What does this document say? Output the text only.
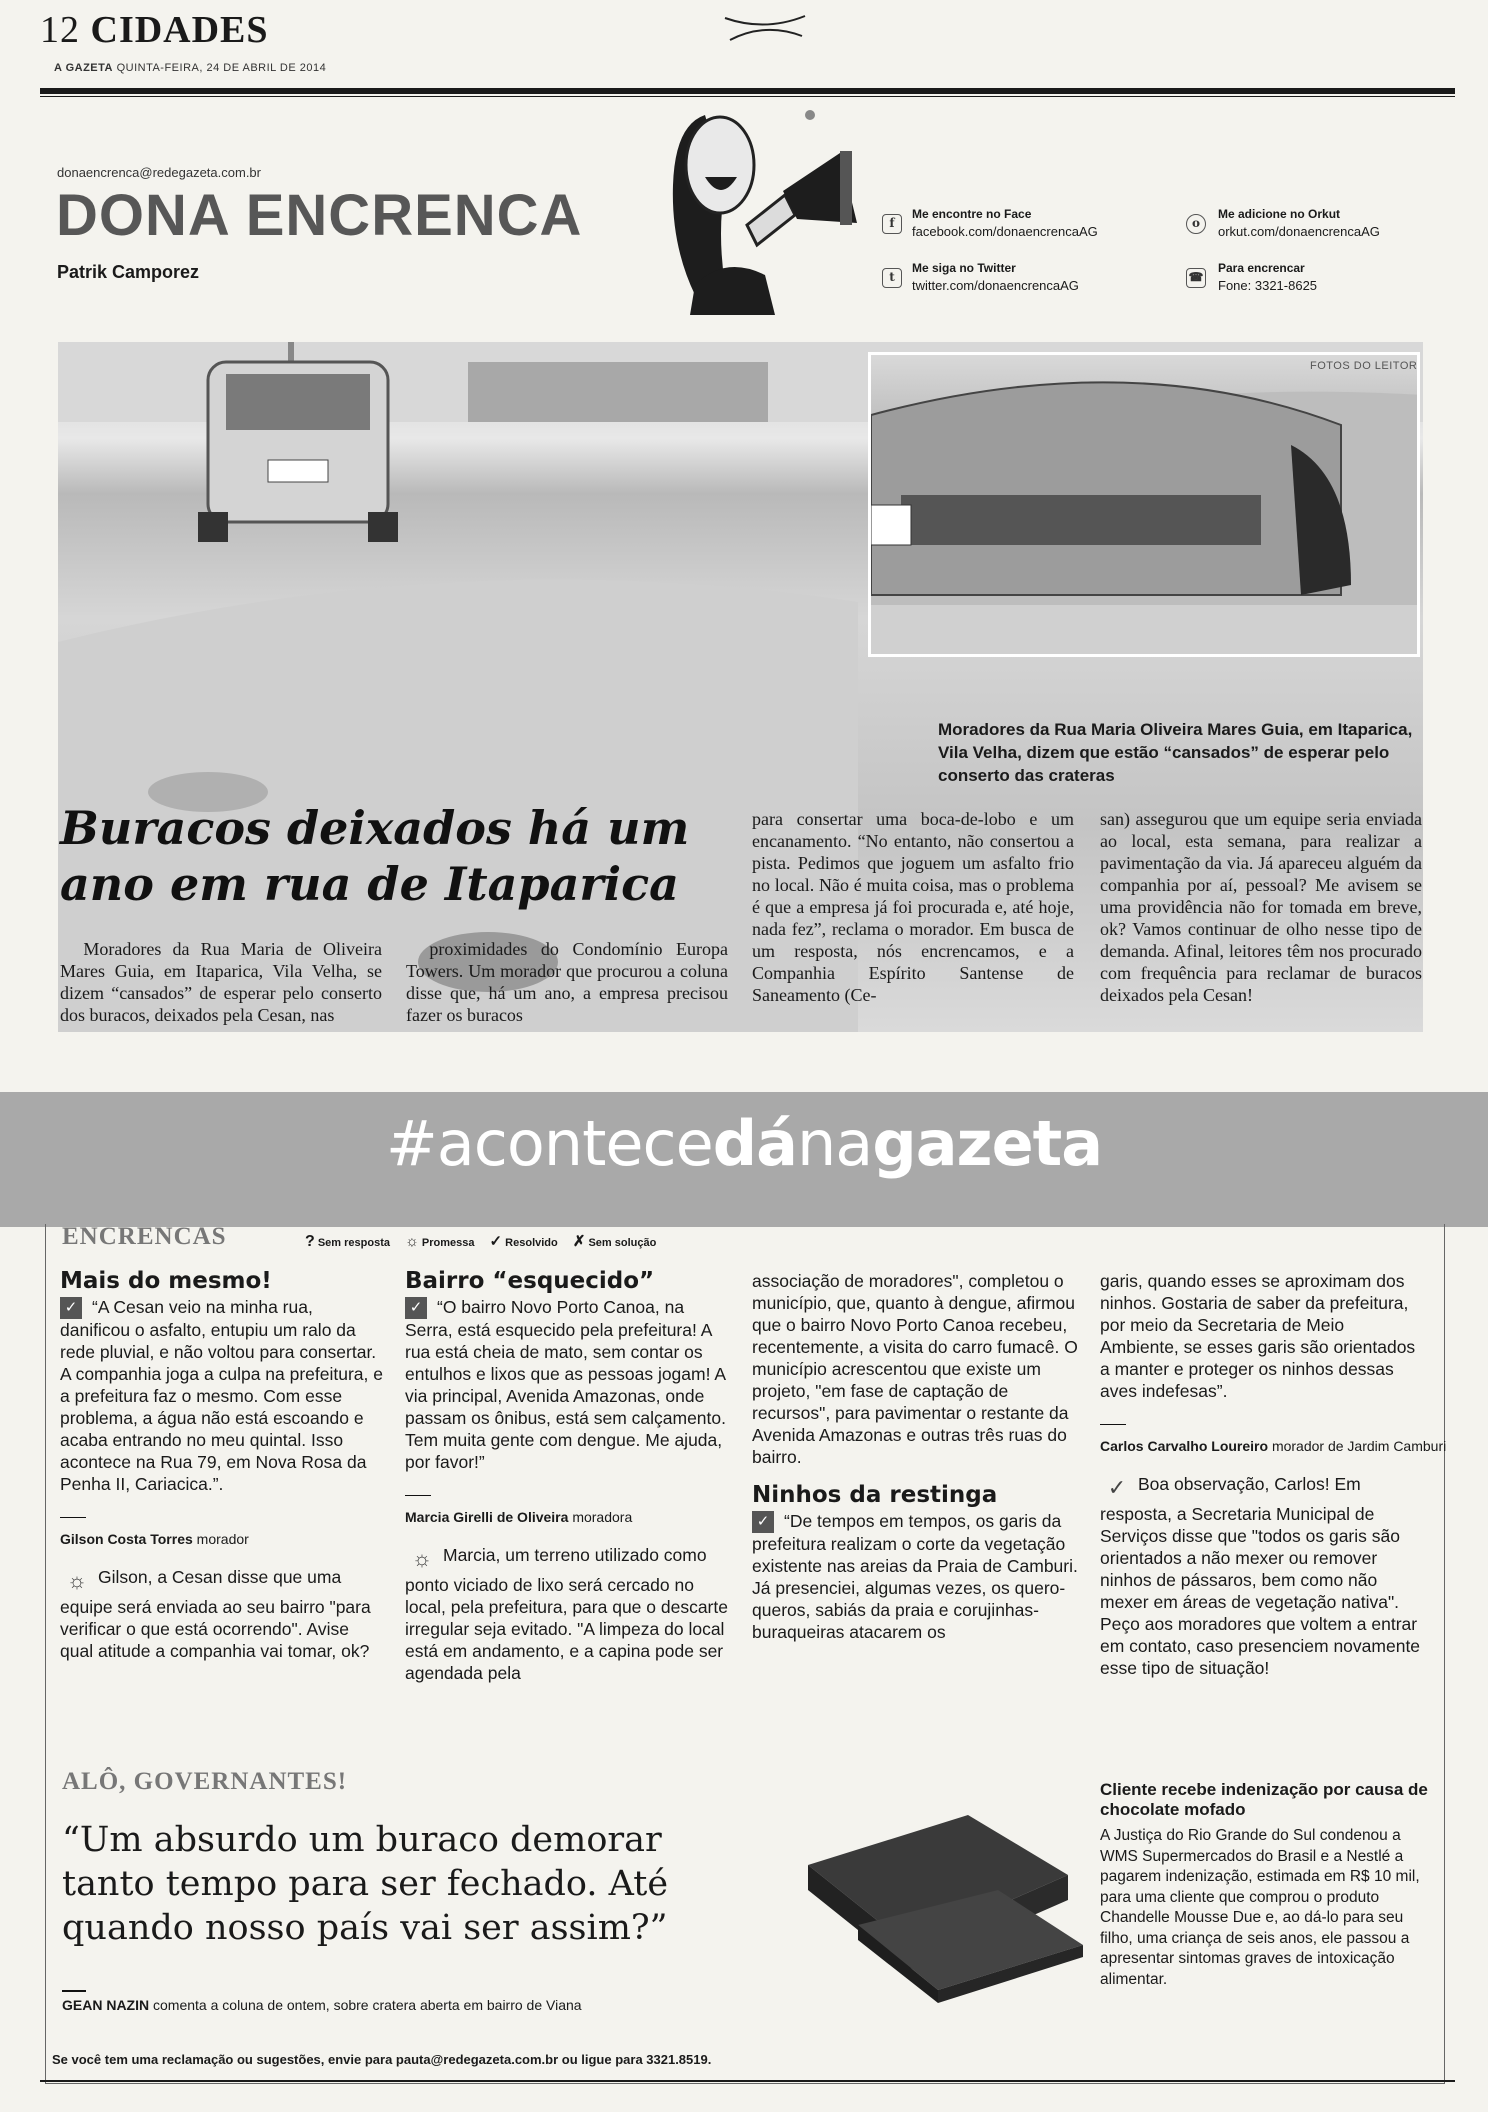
12 CIDADES
A GAZETA QUINTA-FEIRA, 24 DE ABRIL DE 2014
donaencrenca@redegazeta.com.br
DONA ENCRENCA
Patrik Camporez
f
Me encontre no Face
facebook.com/donaencrencaAG
t
Me siga no Twitter
twitter.com/donaencrencaAG
o
Me adicione no Orkut
orkut.com/donaencrencaAG
☎
Para encrencar
Fone: 3321-8625
FOTOS DO LEITOR
Moradores da Rua Maria Oliveira Mares Guia, em Itaparica, Vila Velha, dizem que estão “cansados” de esperar pelo conserto das crateras
Buracos deixados há um ano em rua de Itaparica
Moradores da Rua Maria de Oliveira Mares Guia, em Itaparica, Vila Velha, se dizem “cansados” de esperar pelo conserto dos buracos, deixados pela Cesan, nas
proximidades do Condomínio Europa Towers. Um morador que procurou a coluna disse que, há um ano, a empresa precisou fazer os buracos
para consertar uma boca-de-lobo e um encanamento. “No entanto, não consertou a pista. Pedimos que joguem um asfalto frio no local. Não é muita coisa, mas o problema é que a empresa já foi procurada e, até hoje, nada fez”, reclama o morador. Em busca de um resposta, nós encrencamos, e a Companhia Espírito Santense de Saneamento (Ce-
san) assegurou que um equipe seria enviada ao local, esta semana, para realizar a pavimentação da via. Já apareceu alguém da companhia por aí, pessoal? Me avisem se uma providência não for tomada em breve, ok? Vamos continuar de olho nesse tipo de demanda. Afinal, leitores têm nos procurado com frequência para reclamar de buracos deixados pela Cesan!
#acontecedánagazeta
ENCRENCAS	? Sem resposta ☼ Promessa ✓ Resolvido ✗ Sem solução
Mais do mesmo!
✓ “A Cesan veio na minha rua, danificou o asfalto, entupiu um ralo da rede pluvial, e não voltou para consertar. A companhia joga a culpa na prefeitura, e a prefeitura faz o mesmo. Com esse problema, a água não está escoando e acaba entrando no meu quintal. Isso acontece na Rua 79, em Nova Rosa da Penha II, Cariacica.”.
Gilson Costa Torres morador
☼ Gilson, a Cesan disse que uma equipe será enviada ao seu bairro "para verificar o que está ocorrendo". Avise qual atitude a companhia vai tomar, ok?
Bairro “esquecido”
✓ “O bairro Novo Porto Canoa, na Serra, está esquecido pela prefeitura! A rua está cheia de mato, sem contar os entulhos e lixos que as pessoas jogam! A via principal, Avenida Amazonas, onde passam os ônibus, está sem calçamento. Tem muita gente com dengue. Me ajuda, por favor!”
Marcia Girelli de Oliveira moradora
☼ Marcia, um terreno utilizado como ponto viciado de lixo será cercado no local, pela prefeitura, para que o descarte irregular seja evitado. "A limpeza do local está em andamento, e a capina pode ser agendada pela
associação de moradores", completou o município, que, quanto à dengue, afirmou que o bairro Novo Porto Canoa recebeu, recentemente, a visita do carro fumacê. O município acrescentou que existe um projeto, "em fase de captação de recursos", para pavimentar o restante da Avenida Amazonas e outras três ruas do bairro.
Ninhos da restinga
✓ “De tempos em tempos, os garis da prefeitura realizam o corte da vegetação existente nas areias da Praia de Camburi. Já presenciei, algumas vezes, os quero-queros, sabiás da praia e corujinhas-buraqueiras atacarem os
garis, quando esses se aproximam dos ninhos. Gostaria de saber da prefeitura, por meio da Secretaria de Meio Ambiente, se esses garis são orientados a manter e proteger os ninhos dessas aves indefesas”.
Carlos Carvalho Loureiro morador de Jardim Camburi
✓ Boa observação, Carlos! Em resposta, a Secretaria Municipal de Serviços disse que "todos os garis são orientados a não mexer ou remover ninhos de pássaros, bem como não mexer em áreas de vegetação nativa". Peço aos moradores que voltem a entrar em contato, caso presenciem novamente esse tipo de situação!
ALÔ, GOVERNANTES!
“Um absurdo um buraco demorar tanto tempo para ser fechado. Até quando nosso país vai ser assim?”
GEAN NAZIN comenta a coluna de ontem, sobre cratera aberta em bairro de Viana
Cliente recebe indenização por causa de chocolate mofado
A Justiça do Rio Grande do Sul condenou a WMS Supermercados do Brasil e a Nestlé a pagarem indenização, estimada em R$ 10 mil, para uma cliente que comprou o produto Chandelle Mousse Due e, ao dá-lo para seu filho, uma criança de seis anos, ele passou a apresentar sintomas graves de intoxicação alimentar.
Se você tem uma reclamação ou sugestões, envie para pauta@redegazeta.com.br ou ligue para 3321.8519.
